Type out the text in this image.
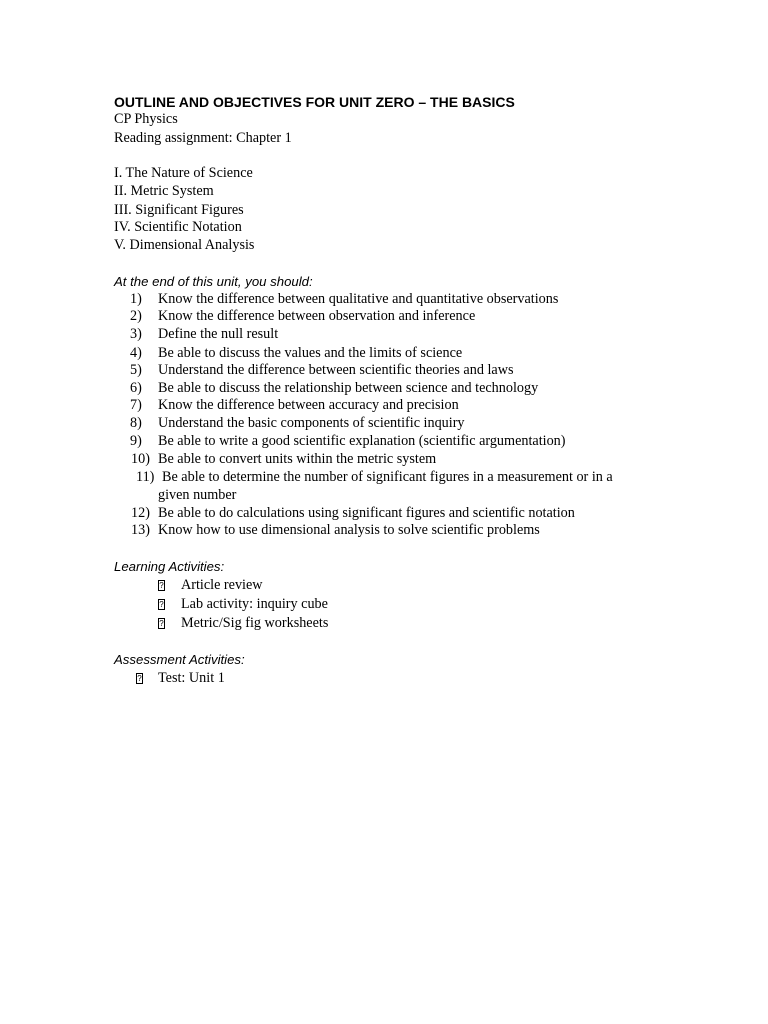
OUTLINE AND OBJECTIVES FOR UNIT ZERO – THE BASICS
CP Physics
Reading assignment: Chapter 1
I. The Nature of Science
II. Metric System
III. Significant Figures
IV. Scientific Notation
V. Dimensional Analysis
At the end of this unit, you should:
1) Know the difference between qualitative and quantitative observations
2) Know the difference between observation and inference
3) Define the null result
4) Be able to discuss the values and the limits of science
5) Understand the difference between scientific theories and laws
6) Be able to discuss the relationship between science and technology
7) Know the difference between accuracy and precision
8) Understand the basic components of scientific inquiry
9) Be able to write a good scientific explanation (scientific argumentation)
10) Be able to convert units within the metric system
11) Be able to determine the number of significant figures in a measurement or in a
given number
12) Be able to do calculations using significant figures and scientific notation
13) Know how to use dimensional analysis to solve scientific problems
Learning Activities:
? Article review
? Lab activity: inquiry cube
? Metric/Sig fig worksheets
Assessment Activities:
? Test: Unit 1
